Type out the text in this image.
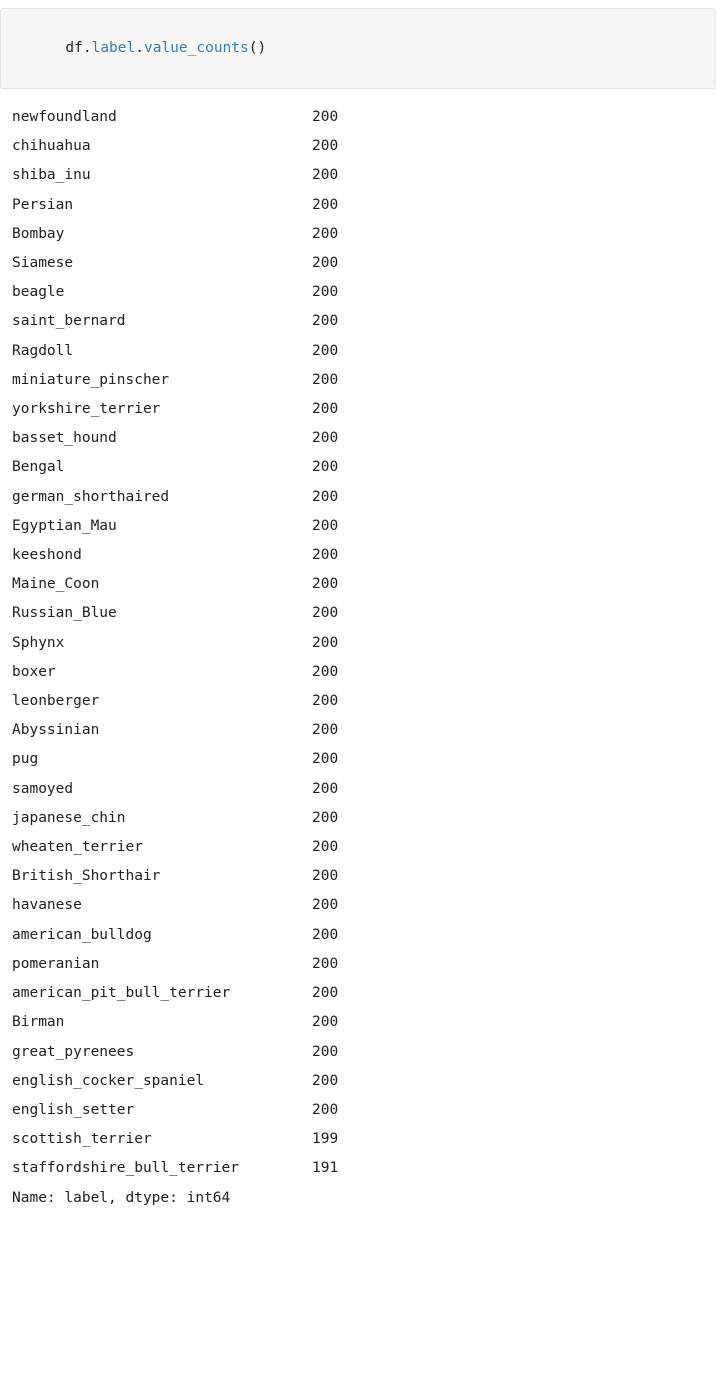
df.label.value_counts()

newfoundland	200
chihuahua	200
shiba_inu	200
Persian	200
Bombay	200
Siamese	200
beagle	200
saint_bernard	200
Ragdoll	200
miniature_pinscher	200
yorkshire_terrier	200
basset_hound	200
Bengal	200
german_shorthaired	200
Egyptian_Mau	200
keeshond	200
Maine_Coon	200
Russian_Blue	200
Sphynx	200
boxer	200
leonberger	200
Abyssinian	200
pug	200
samoyed	200
japanese_chin	200
wheaten_terrier	200
British_Shorthair	200
havanese	200
american_bulldog	200
pomeranian	200
american_pit_bull_terrier	200
Birman	200
great_pyrenees	200
english_cocker_spaniel	200
english_setter	200
scottish_terrier	199
staffordshire_bull_terrier	191
Name: label, dtype: int64
